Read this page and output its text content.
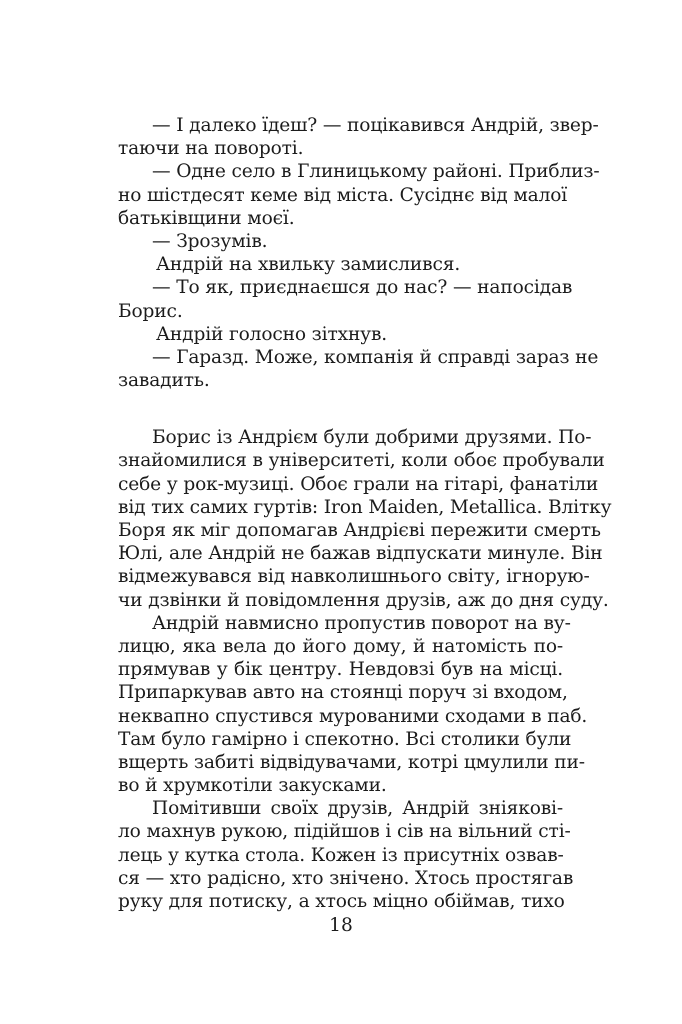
— І далеко їдеш? — поцікавився Андрій, звер-
таючи на повороті.
— Одне село в Глиницькому районі. Приблиз-
но шістдесят кеме від міста. Сусіднє від малої
батьківщини моєї.
— Зрозумів.
Андрій на хвильку замислився.
— То як, приєднаєшся до нас? — напосідав
Борис.
Андрій голосно зітхнув.
— Гаразд. Може, компанія й справді зараз не
завадить.
Борис із Андрієм були добрими друзями. По-
знайомилися в університеті, коли обоє пробували
себе у рок-музиці. Обоє грали на гітарі, фанатіли
від тих самих гуртів: Iron Maiden, Metallica. Влітку
Боря як міг допомагав Андрієві пережити смерть
Юлі, але Андрій не бажав відпускати минуле. Він
відмежувався від навколишнього світу, ігнорую-
чи дзвінки й повідомлення друзів, аж до дня суду.
Андрій навмисно пропустив поворот на ву-
лицю, яка вела до його дому, й натомість по-
прямував у бік центру. Невдовзі був на місці.
Припаркував авто на стоянці поруч зі входом,
неквапно спустився мурованими сходами в паб.
Там було гамірно і спекотно. Всі столики були
вщерть забиті відвідувачами, котрі цмулили пи-
во й хрумкотіли закусками.
Помітивши своїх друзів, Андрій зніякові-
ло махнув рукою, підійшов і сів на вільний сті-
лець у кутка стола. Кожен із присутніх озвав-
ся — хто радісно, хто знічено. Хтось простягав
руку для потиску, а хтось міцно обіймав, тихо
18
